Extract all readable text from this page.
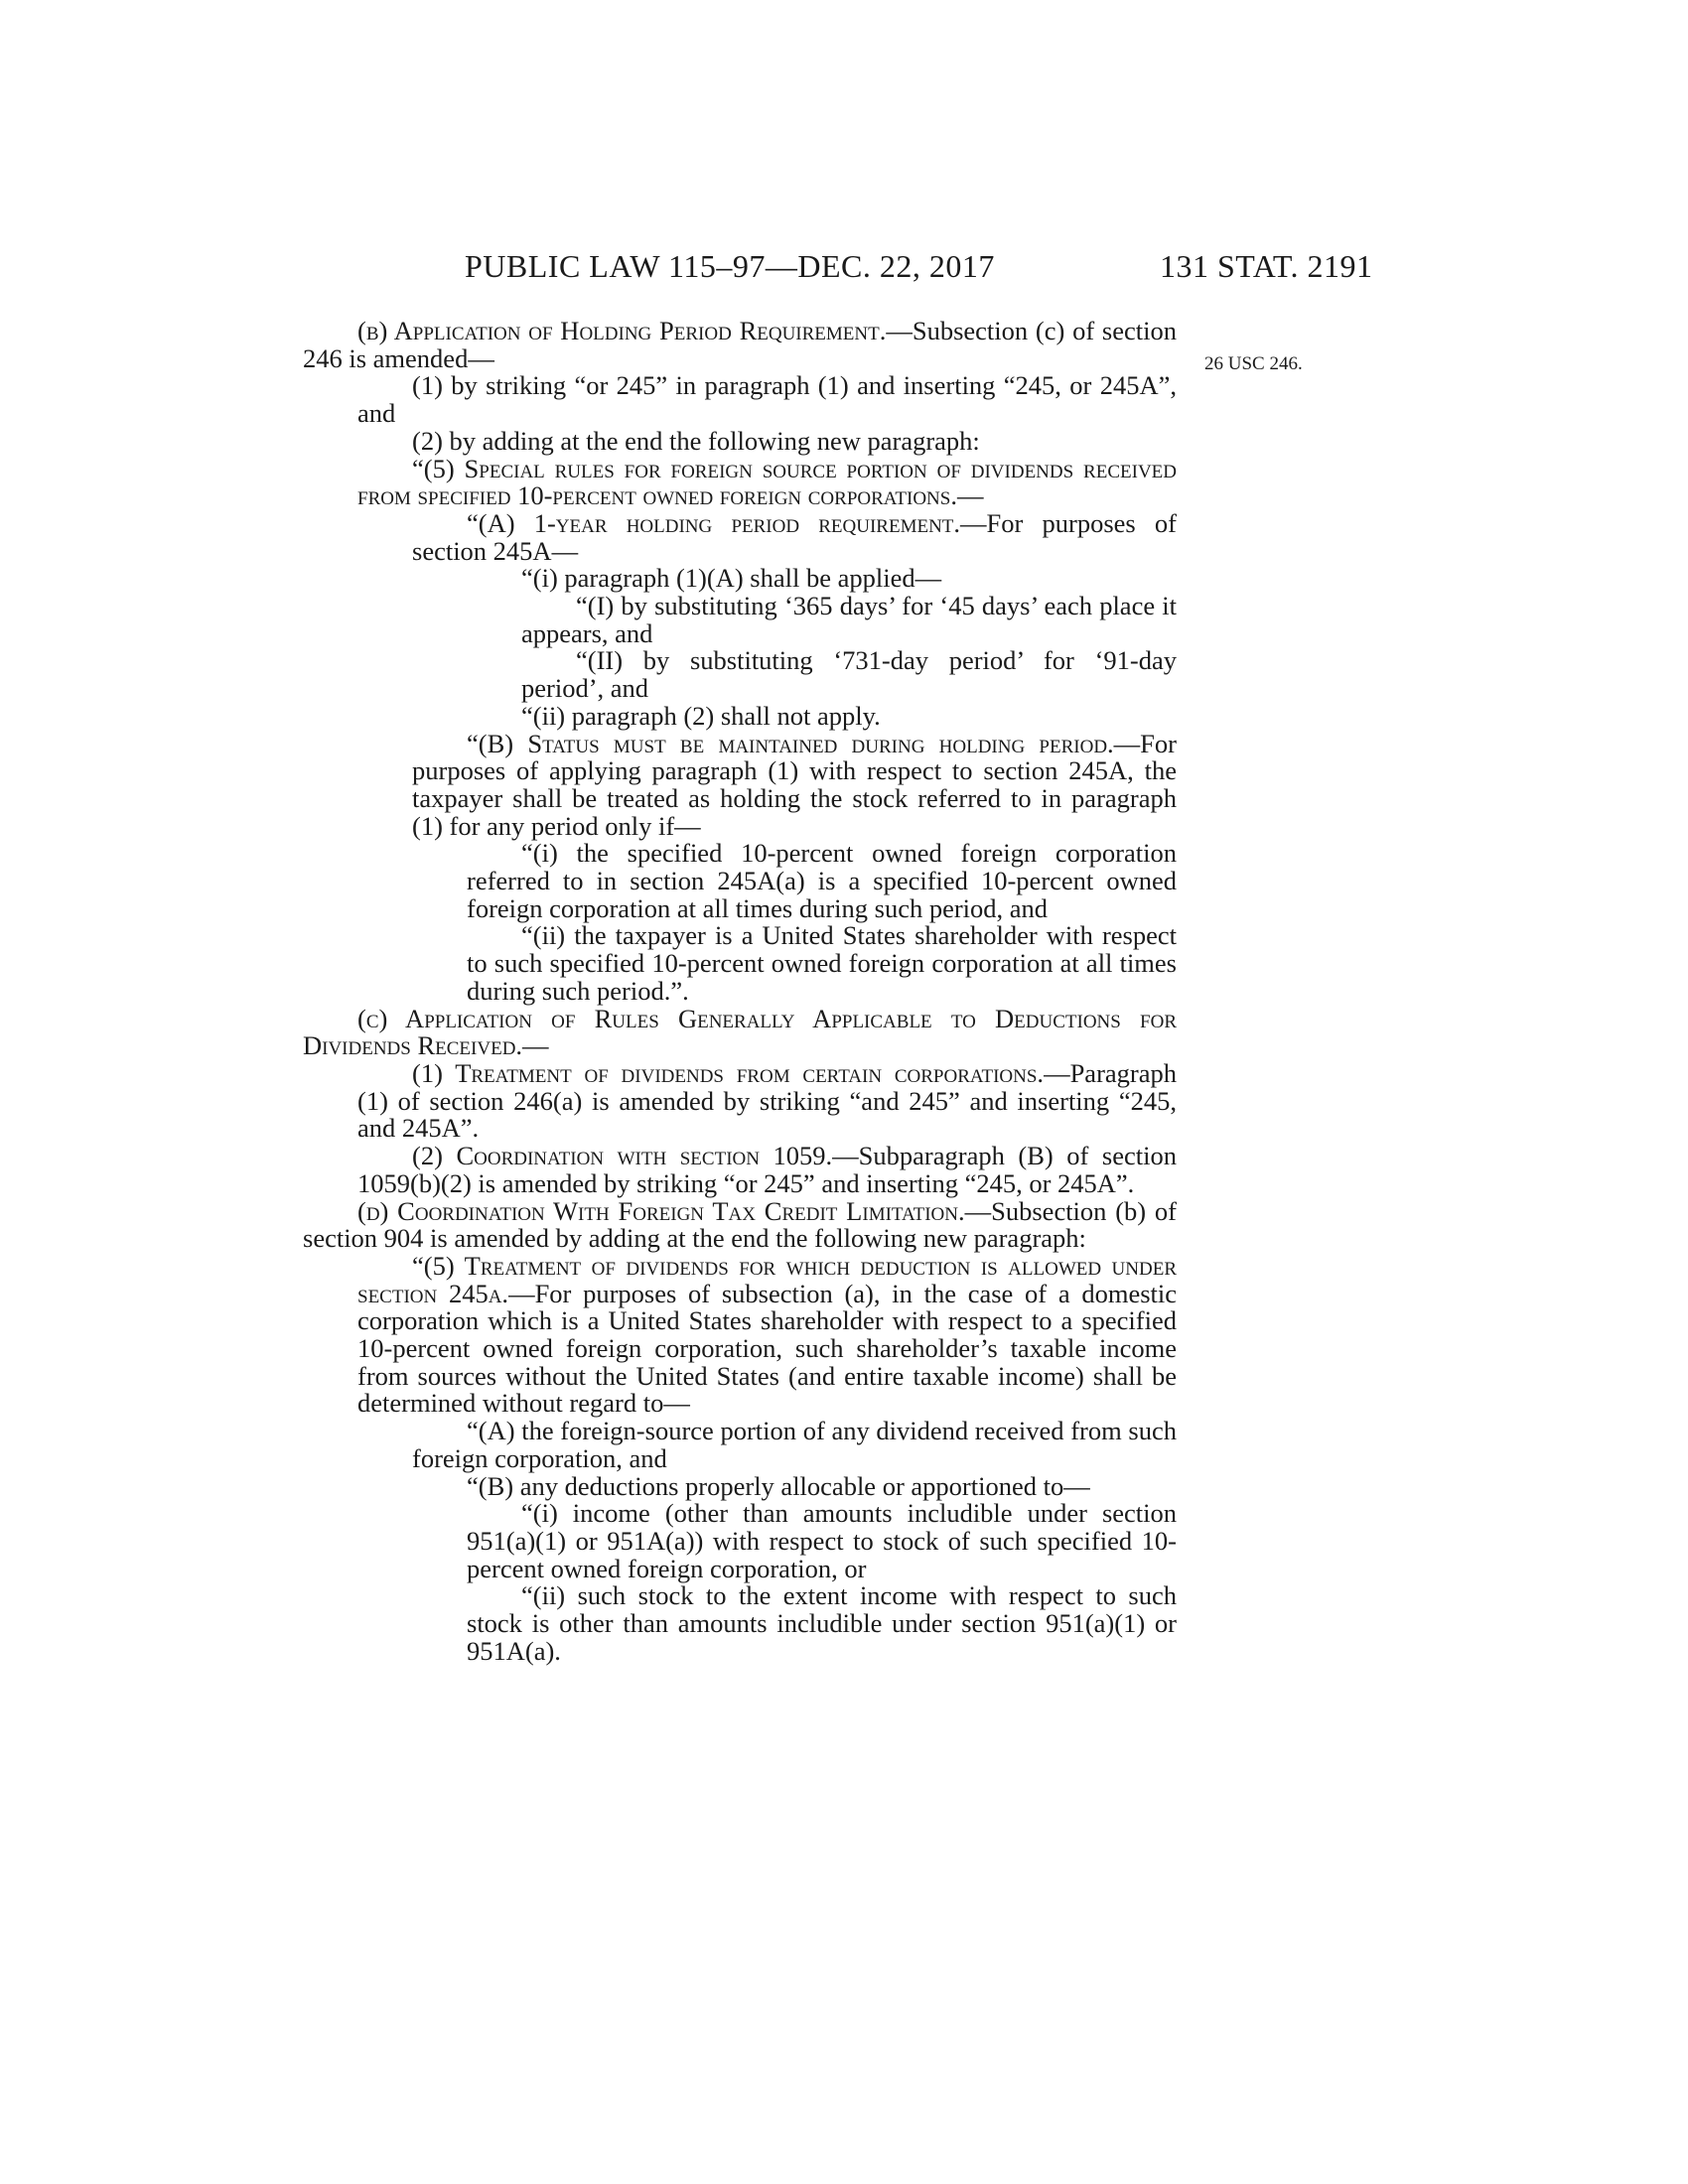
PUBLIC LAW 115–97—DEC. 22, 2017	131 STAT. 2191
26 USC 246.
(b) Application of Holding Period Requirement.—Subsection (c) of section 246 is amended—
(1) by striking “or 245” in paragraph (1) and inserting “245, or 245A”, and
(2) by adding at the end the following new paragraph:
“(5) Special rules for foreign source portion of dividends received from specified 10-percent owned foreign corporations.—
“(A) 1-year holding period requirement.—For purposes of section 245A—
“(i) paragraph (1)(A) shall be applied—
“(I) by substituting ‘365 days’ for ‘45 days’ each place it appears, and
“(II) by substituting ‘731-day period’ for ‘91-day period’, and
“(ii) paragraph (2) shall not apply.
“(B) Status must be maintained during holding period.—For purposes of applying paragraph (1) with respect to section 245A, the taxpayer shall be treated as holding the stock referred to in paragraph (1) for any period only if—
“(i) the specified 10-percent owned foreign corporation referred to in section 245A(a) is a specified 10-percent owned foreign corporation at all times during such period, and
“(ii) the taxpayer is a United States shareholder with respect to such specified 10-percent owned foreign corporation at all times during such period.”.
(c) Application of Rules Generally Applicable to Deductions for Dividends Received.—
(1) Treatment of dividends from certain corporations.—Paragraph (1) of section 246(a) is amended by striking “and 245” and inserting “245, and 245A”.
(2) Coordination with section 1059.—Subparagraph (B) of section 1059(b)(2) is amended by striking “or 245” and inserting “245, or 245A”.
(d) Coordination With Foreign Tax Credit Limitation.—Subsection (b) of section 904 is amended by adding at the end the following new paragraph:
“(5) Treatment of dividends for which deduction is allowed under section 245a.—For purposes of subsection (a), in the case of a domestic corporation which is a United States shareholder with respect to a specified 10-percent owned foreign corporation, such shareholder’s taxable income from sources without the United States (and entire taxable income) shall be determined without regard to—
“(A) the foreign-source portion of any dividend received from such foreign corporation, and
“(B) any deductions properly allocable or apportioned to—
“(i) income (other than amounts includible under section 951(a)(1) or 951A(a)) with respect to stock of such specified 10-percent owned foreign corporation, or
“(ii) such stock to the extent income with respect to such stock is other than amounts includible under section 951(a)(1) or 951A(a).
